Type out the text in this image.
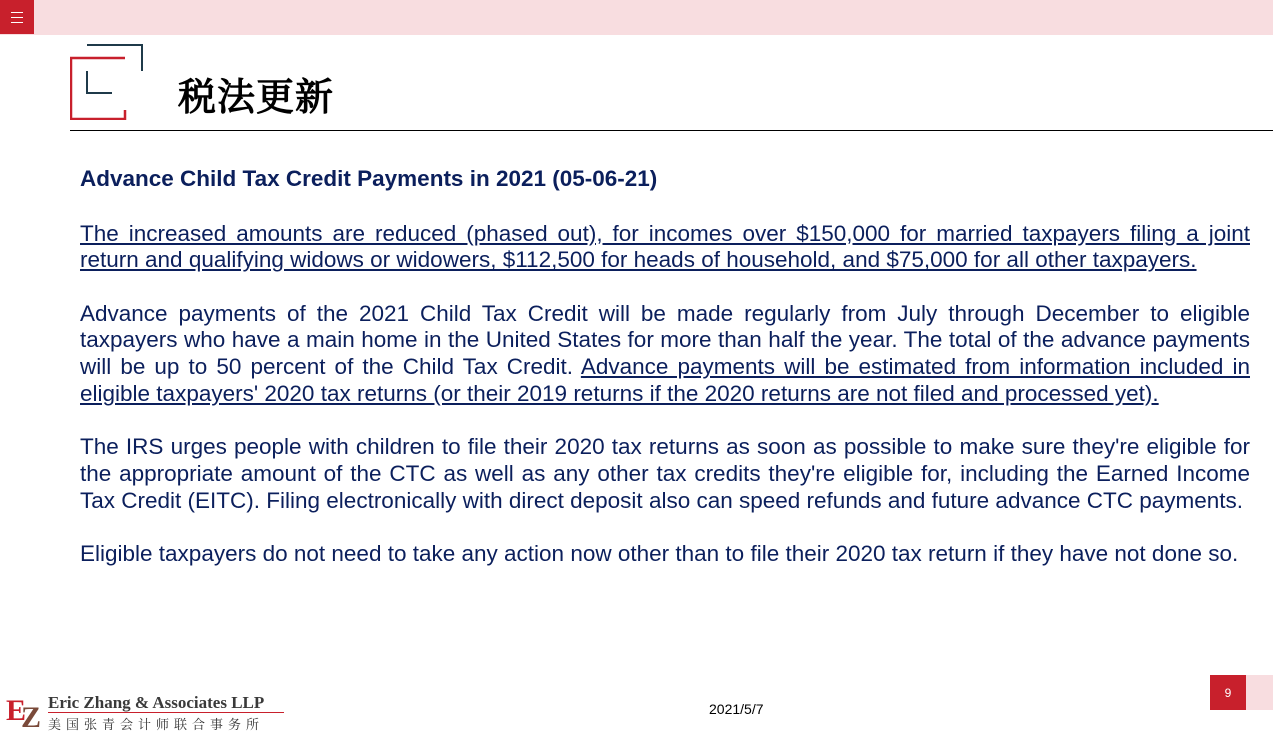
税法更新
Advance Child Tax Credit Payments in 2021 (05-06-21)

The increased amounts are reduced (phased out), for incomes over $150,000 for married taxpayers filing a joint return and qualifying widows or widowers, $112,500 for heads of household, and $75,000 for all other taxpayers.

Advance payments of the 2021 Child Tax Credit will be made regularly from July through December to eligible taxpayers who have a main home in the United States for more than half the year. The total of the advance payments will be up to 50 percent of the Child Tax Credit. Advance payments will be estimated from information included in eligible taxpayers' 2020 tax returns (or their 2019 returns if the 2020 returns are not filed and processed yet).

The IRS urges people with children to file their 2020 tax returns as soon as possible to make sure they're eligible for the appropriate amount of the CTC as well as any other tax credits they're eligible for, including the Earned Income Tax Credit (EITC). Filing electronically with direct deposit also can speed refunds and future advance CTC payments.

Eligible taxpayers do not need to take any action now other than to file their 2020 tax return if they have not done so.

E
Z Eric Zhang & Associates LLP
美国张青会计师联合事务所
2021/5/7
9
